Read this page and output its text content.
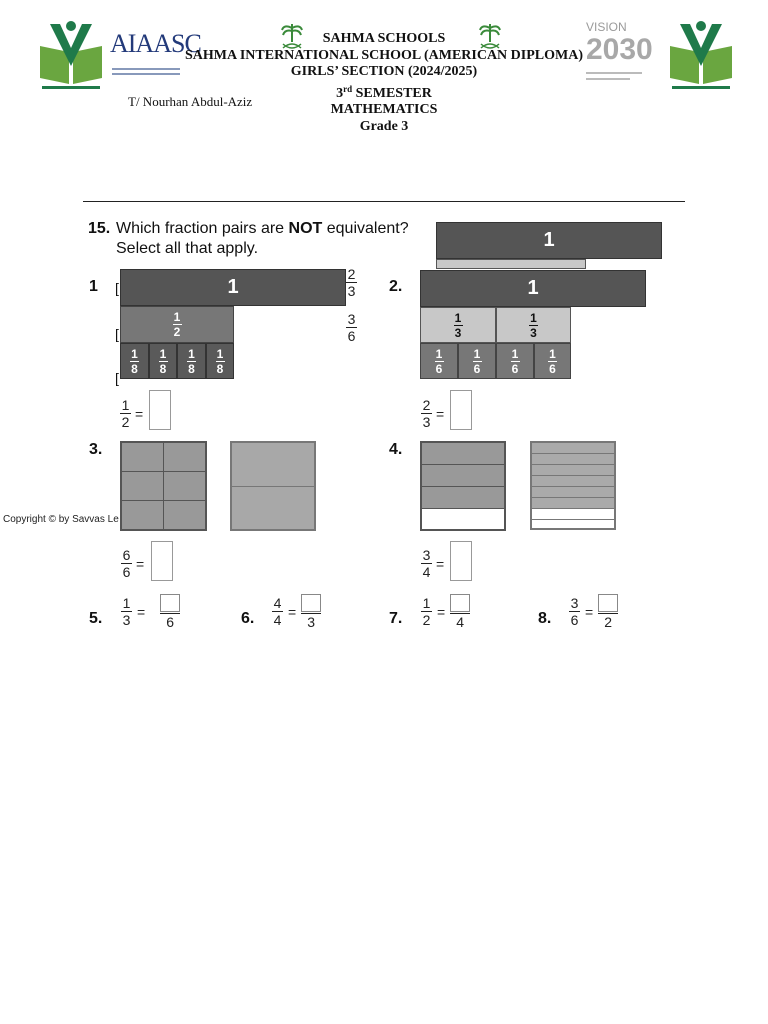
AIAASC
VISION
2030
SAHMA SCHOOLS
SAHMA INTERNATIONAL SCHOOL (AMERICAN DIPLOMA)
GIRLS’ SECTION (2024/2025)
3rd SEMESTER
MATHEMATICS
Grade 3
T/ Nourhan Abdul-Aziz
15. Which fraction pairs are NOT equivalent?
Select all that apply.	1
1 [
[
[
1
1
2
1
8
1
8
1
8
1
8
2
3
3
6
1
2
=
2.	1
1
3
1
3
1
6
1
6
1
6
1
6
2
3
=
3.
Copyright © by Savvas Le
6
6
=
4.
3
4
=
5.
1
3
=
6	6.
4
4
=
3	7.
1
2
=
4	8.
3
6
=
2
